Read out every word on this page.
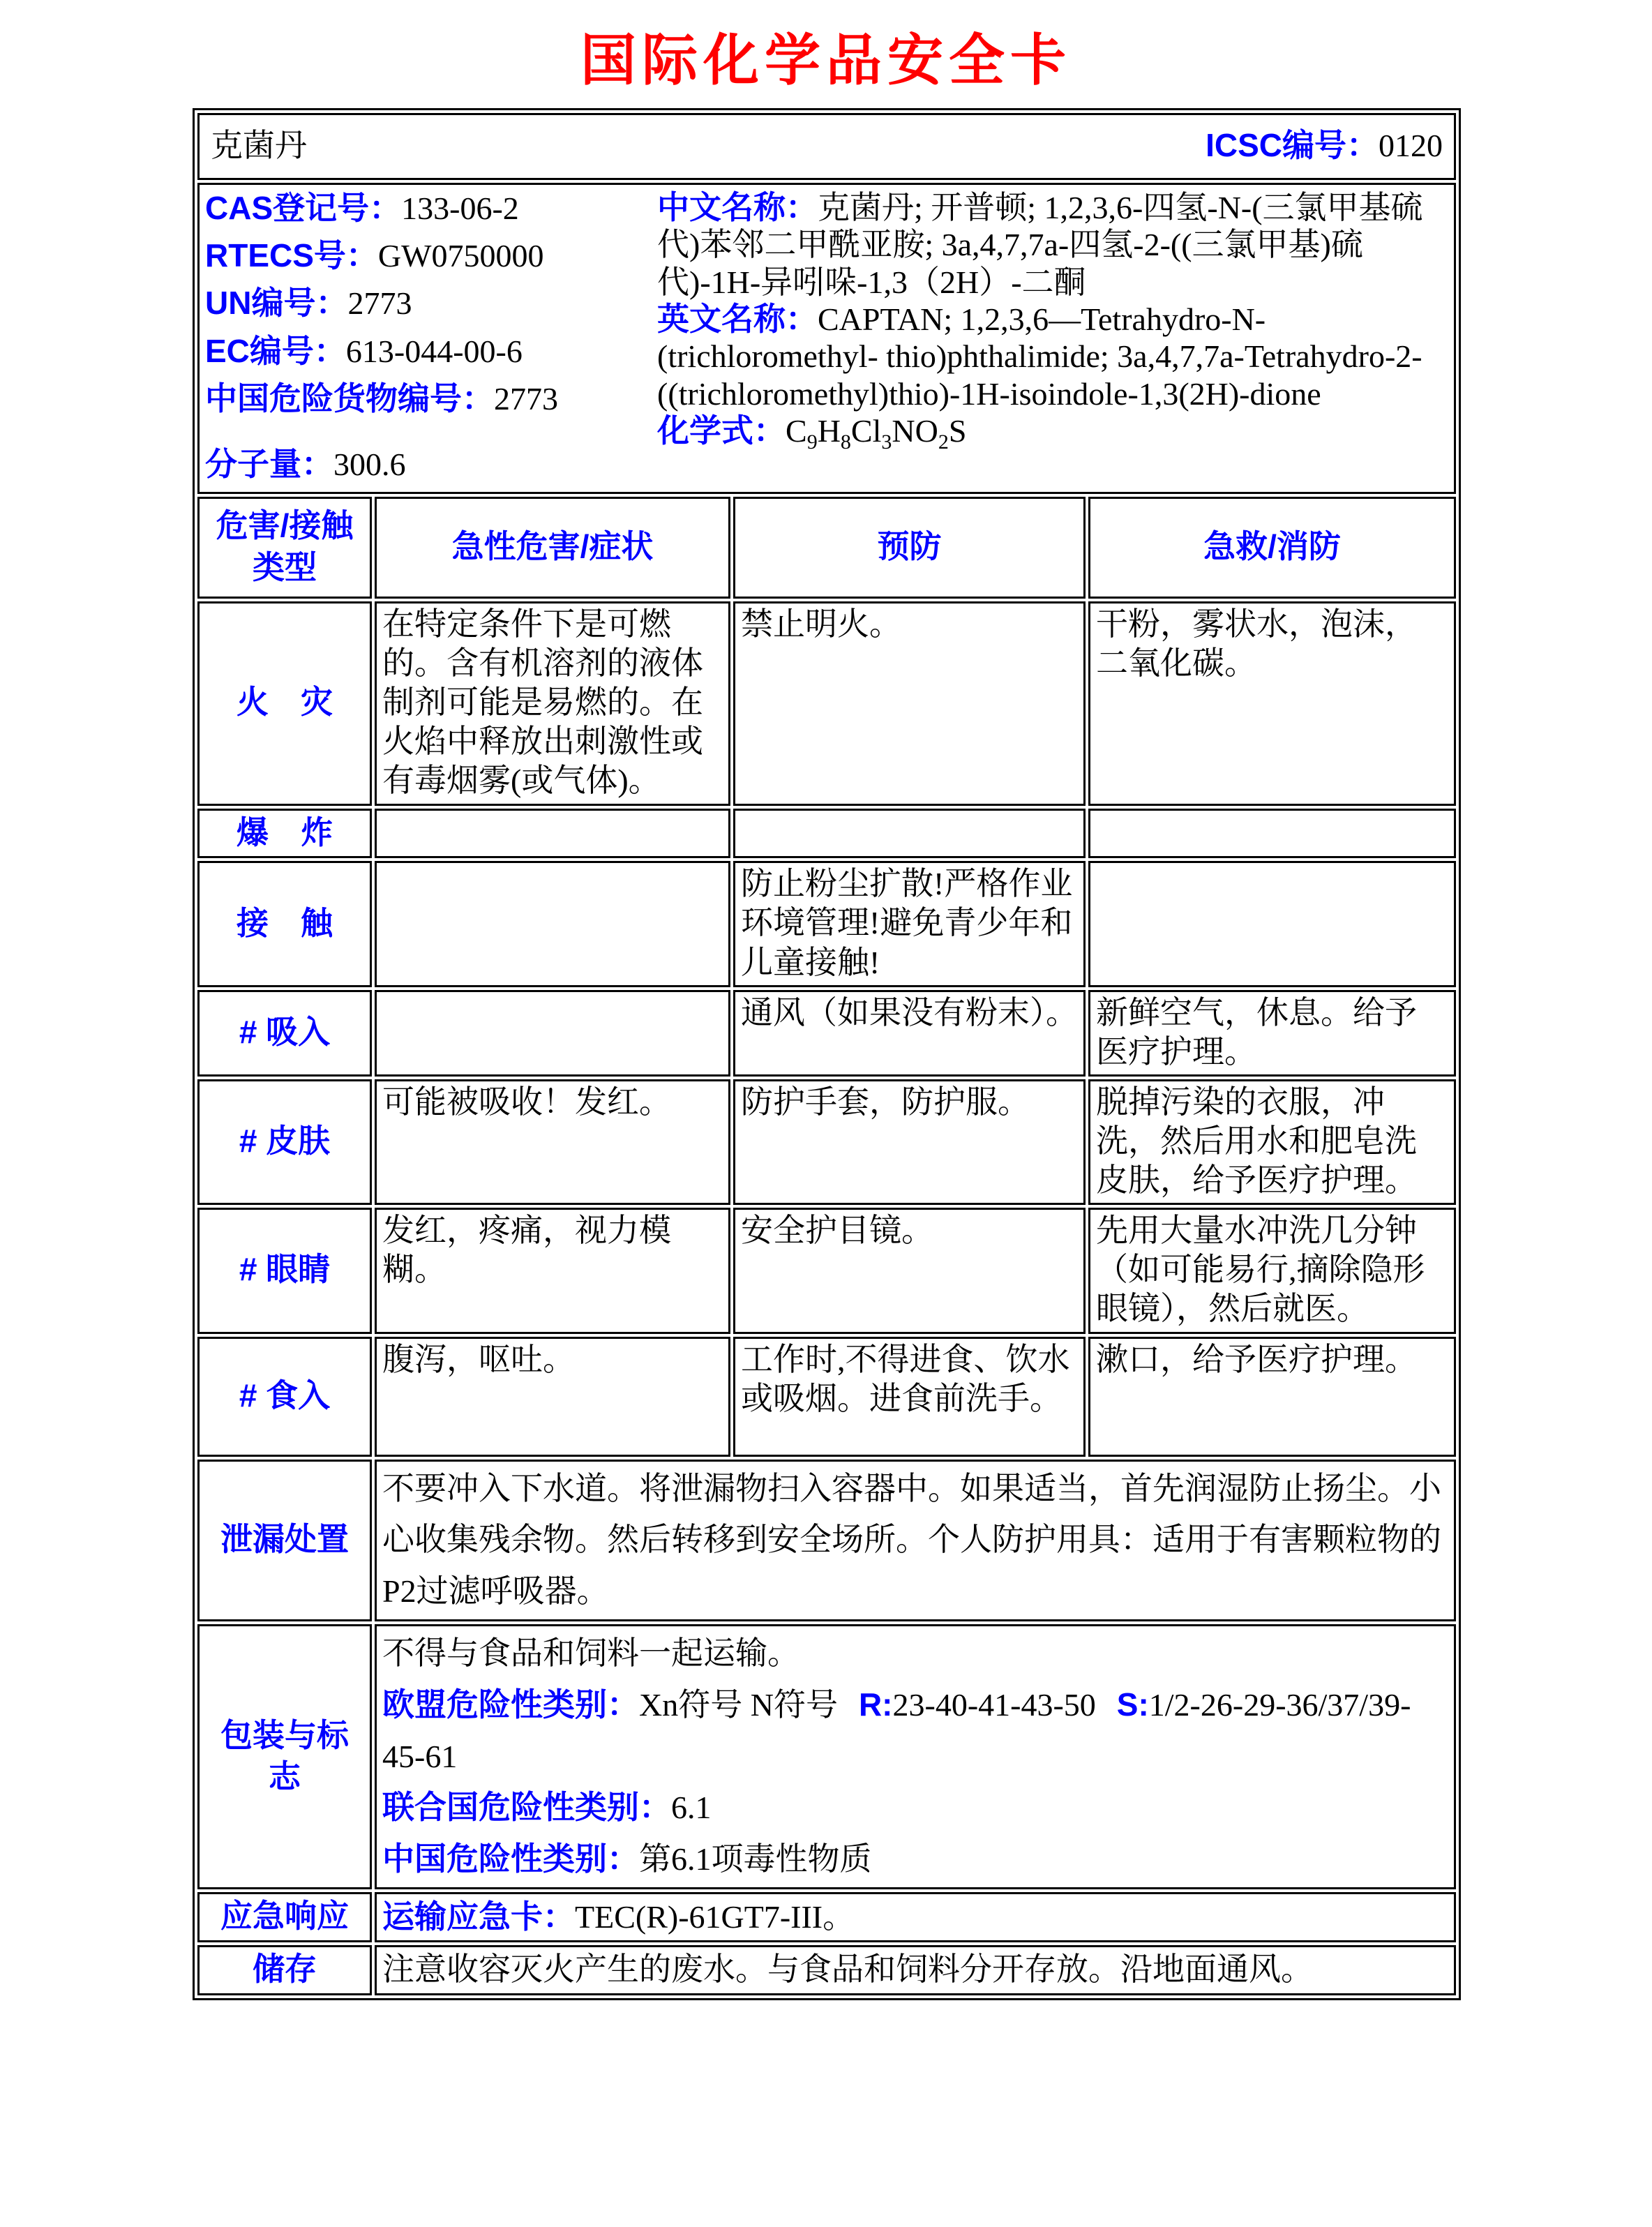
国际化学品安全卡
克菌丹 ICSC编号：0120			

CAS登记号：133-06-2
RTECS号：GW0750000
UN编号：2773
EC编号：613-044-00-6
中国危险货物编号：2773
分子量：300.6

中文名称：克菌丹; 开普顿; 1,2,3,6-四氢-N-(三氯甲基硫代)苯邻二甲酰亚胺; 3a,4,7,7a-四氢-2-((三氯甲基)硫代)-1H-异吲哚-1,3（2H）-二酮

英文名称：CAPTAN; 1,2,3,6—Tetrahydro-N-(trichloromethyl- thio)phthalimide; 3a,4,7,7a-Tetrahydro-2-((trichloromethyl)thio)-1H-isoindole-1,3(2H)-dione

化学式：$C_9H_8Cl_3NO_2S$

危害/接触类型	急性危害/症状	预防	急救/消防
火　灾	在特定条件下是可燃的。含有机溶剂的液体制剂可能是易燃的。在火焰中释放出刺激性或有毒烟雾(或气体)。	禁止明火。	干粉，雾状水，泡沫，二氧化碳。
爆　炸			
接　触		防止粉尘扩散!严格作业环境管理!避免青少年和儿童接触!	
# 吸入		通风（如果没有粉末）。	新鲜空气，休息。给予医疗护理。
# 皮肤	可能被吸收！发红。	防护手套，防护服。	脱掉污染的衣服，冲洗，然后用水和肥皂洗皮肤，给予医疗护理。
# 眼睛	发红，疼痛，视力模糊。	安全护目镜。	先用大量水冲洗几分钟（如可能易行,摘除隐形眼镜），然后就医。
# 食入	腹泻，呕吐。	工作时,不得进食、饮水或吸烟。进食前洗手。	漱口，给予医疗护理。
泄漏处置	不要冲入下水道。将泄漏物扫入容器中。如果适当，首先润湿防止扬尘。小心收集残余物。然后转移到安全场所。个人防护用具：适用于有害颗粒物的P2过滤呼吸器。		
包装与标志	不得与食品和饲料一起运输。

欧盟危险性类别：Xn符号 N符号 R:23-40-41-43-50 S:1/2-26-29-36/37/39-45-61

联合国危险性类别：6.1

中国危险性类别：第6.1项毒性物质		

应急响应	运输应急卡：TEC(R)-61GT7-III。		
储存	注意收容灭火产生的废水。与食品和饲料分开存放。沿地面通风。		
